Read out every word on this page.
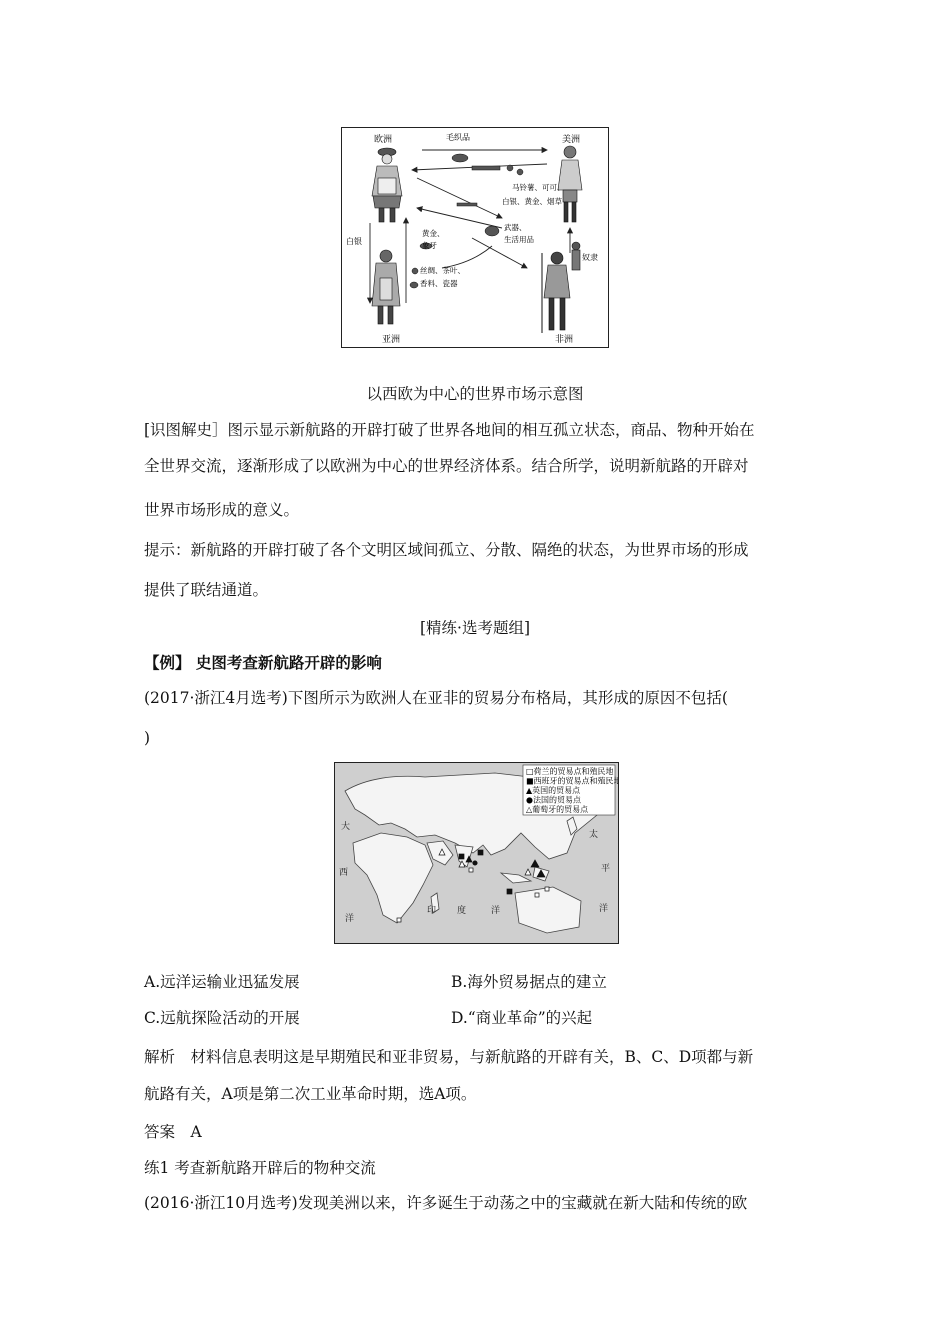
欧洲	美洲
亚洲	非洲
毛织品
马铃薯、可可、
白银、黄金、烟草
武器、
生活用品
黄金、
象牙
白银
奴隶
丝绸、茶叶、
香料、瓷器
以西欧为中心的世界市场示意图
[识图解史］图示显示新航路的开辟打破了世界各地间的相互孤立状态，商品、物种开始在
全世界交流，逐渐形成了以欧洲为中心的世界经济体系。结合所学，说明新航路的开辟对
世界市场形成的意义。
提示：新航路的开辟打破了各个文明区域间孤立、分散、隔绝的状态，为世界市场的形成
提供了联结通道。
[精练·选考题组]
【例】 史图考查新航路开辟的影响
(2017·浙江4月选考)下图所示为欧洲人在亚非的贸易分布格局，其形成的原因不包括(
)
□荷兰的贸易点和殖民地
■西班牙的贸易点和殖民地
▲英国的贸易点
●法国的贸易点
△葡萄牙的贸易点
大
西
洋
印 度	洋
太
平
洋
A.远洋运输业迅猛发展	B.海外贸易据点的建立
C.远航探险活动的开展	D.“商业革命”的兴起
解析　材料信息表明这是早期殖民和亚非贸易，与新航路的开辟有关，B、C、D项都与新
航路有关，A项是第二次工业革命时期，选A项。
答案　A
练1 考查新航路开辟后的物种交流
(2016·浙江10月选考)发现美洲以来，许多诞生于动荡之中的宝藏就在新大陆和传统的欧
